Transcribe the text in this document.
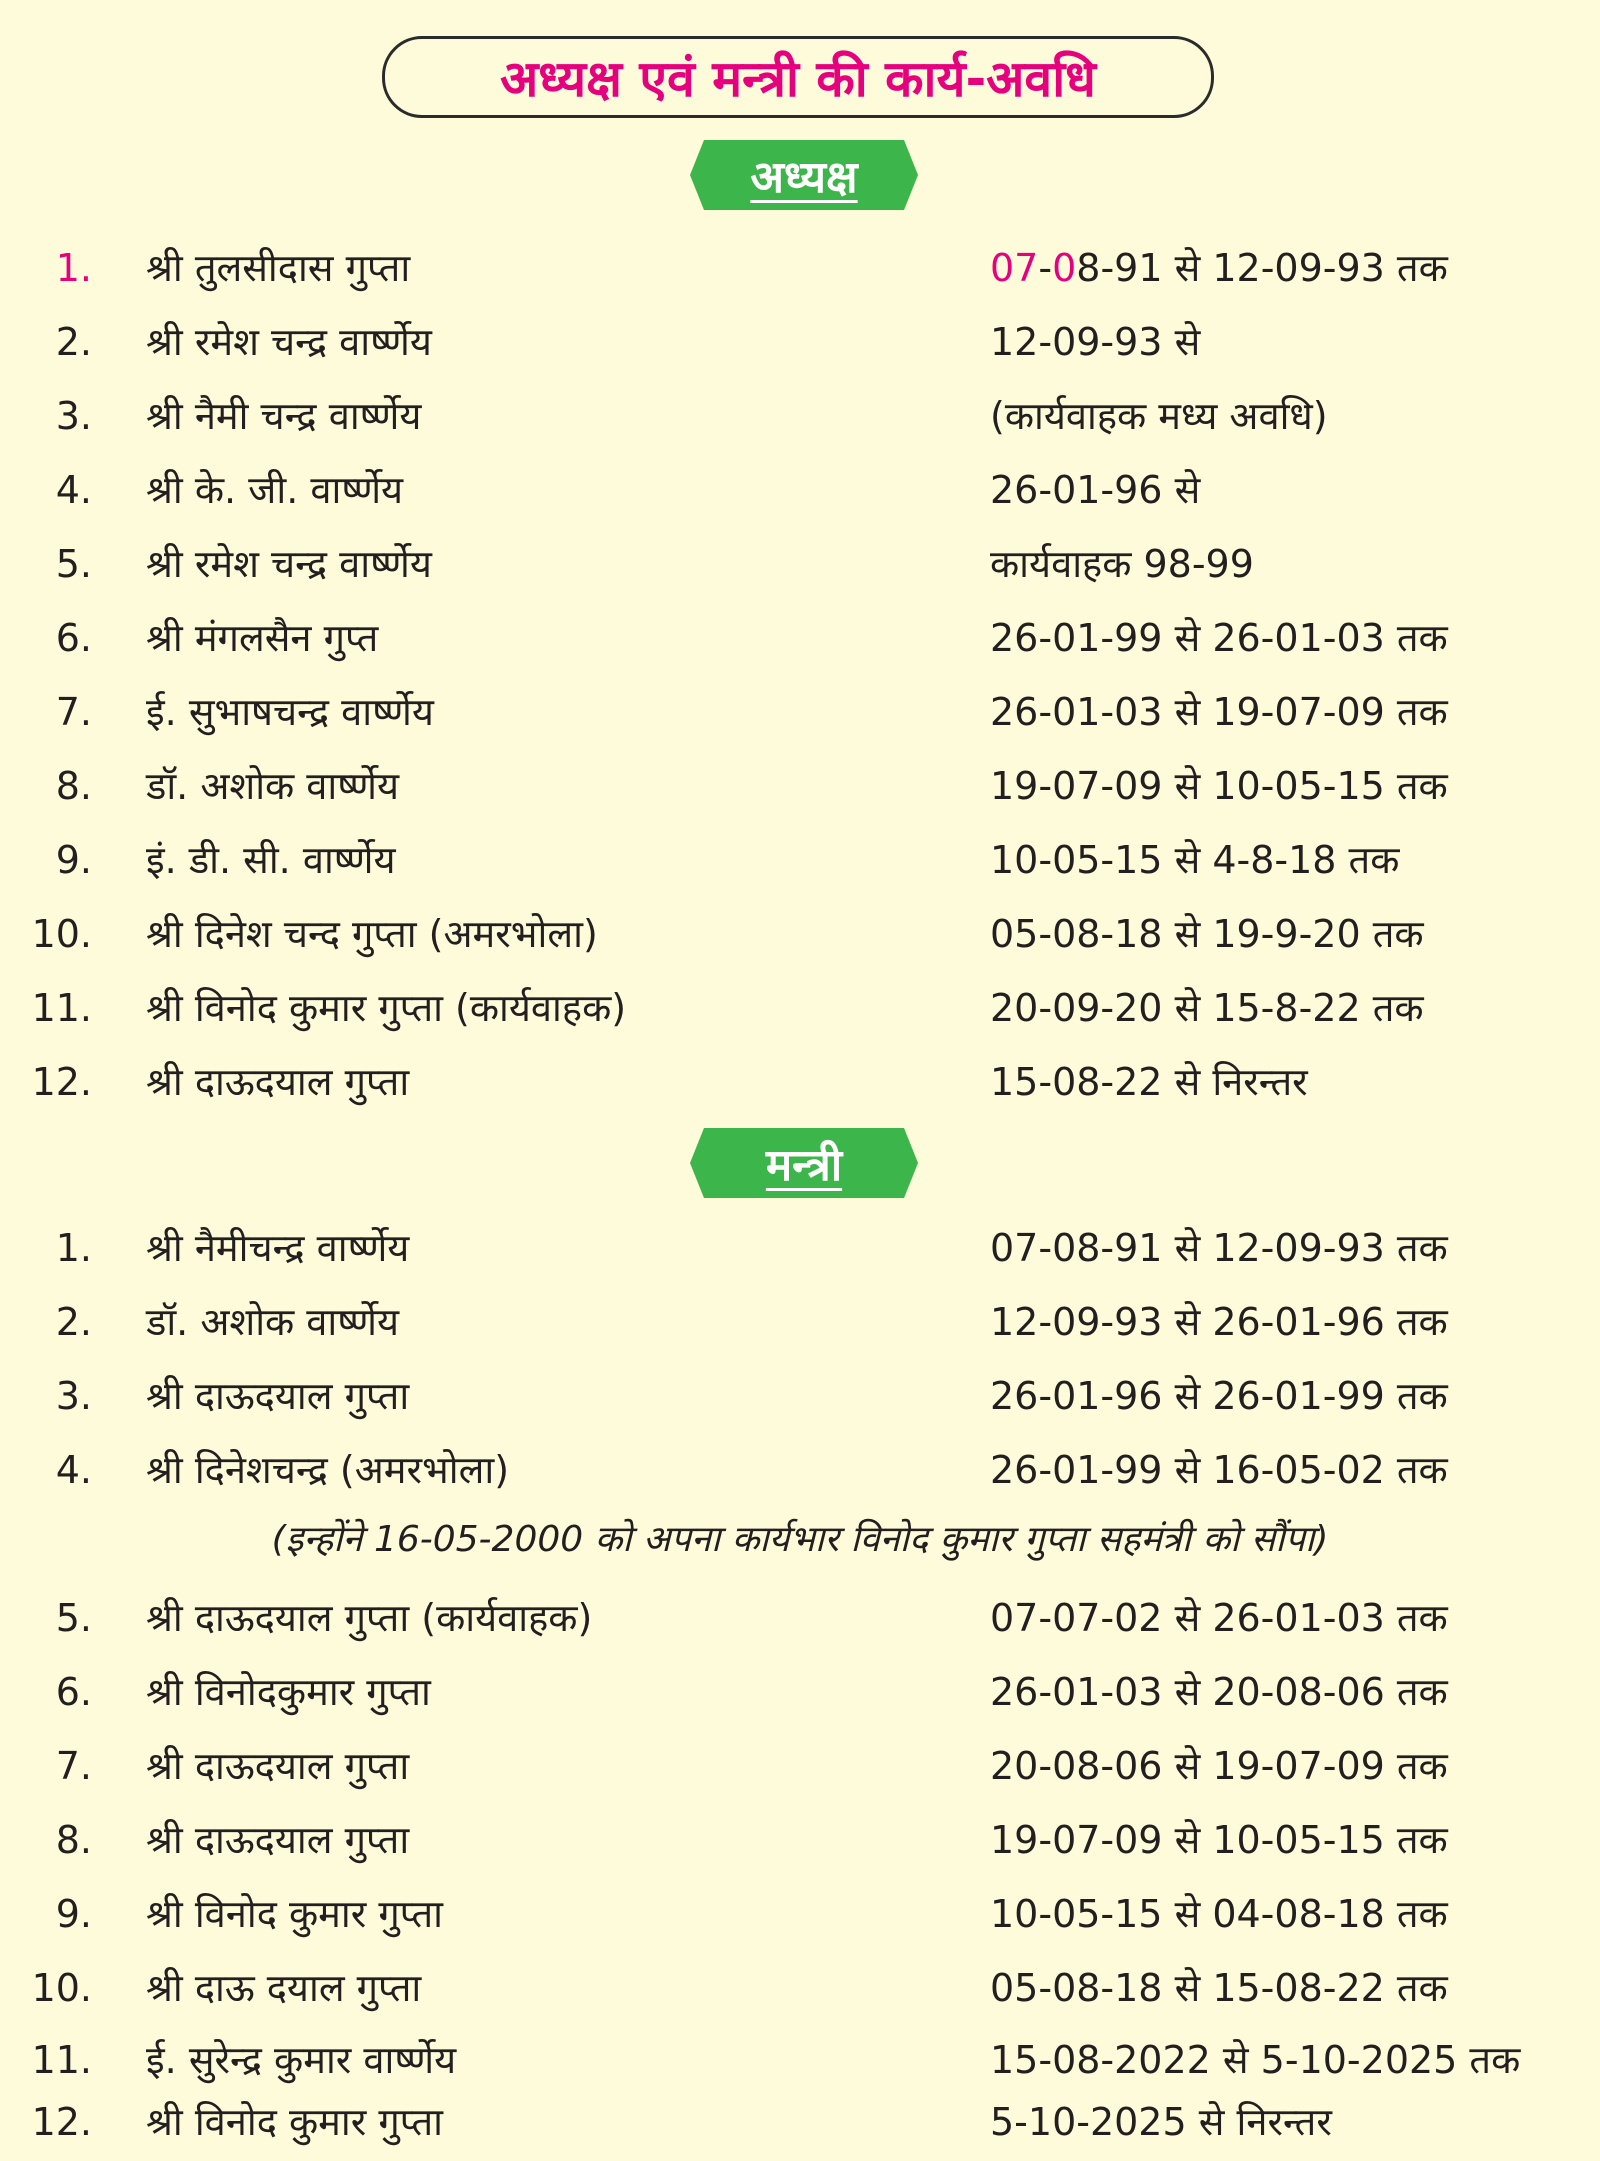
अध्यक्ष एवं मन्त्री की कार्य-अवधि
अध्यक्ष
1. श्री तुलसीदास गुप्ता	07-08-91 से 12-09-93 तक
2. श्री रमेश चन्द्र वार्ष्णेय	12-09-93 से
3. श्री नैमी चन्द्र वार्ष्णेय	(कार्यवाहक मध्य अवधि)
4. श्री के. जी. वार्ष्णेय	26-01-96 से
5. श्री रमेश चन्द्र वार्ष्णेय	कार्यवाहक 98-99
6. श्री मंगलसैन गुप्त	26-01-99 से 26-01-03 तक
7. ई. सुभाषचन्द्र वार्ष्णेय	26-01-03 से 19-07-09 तक
8. डॉ. अशोक वार्ष्णेय	19-07-09 से 10-05-15 तक
9. इं. डी. सी. वार्ष्णेय	10-05-15 से 4-8-18 तक
10. श्री दिनेश चन्द गुप्ता (अमरभोला)	05-08-18 से 19-9-20 तक
11. श्री विनोद कुमार गुप्ता (कार्यवाहक)	20-09-20 से 15-8-22 तक
12. श्री दाऊदयाल गुप्ता	15-08-22 से निरन्तर
मन्त्री
1. श्री नैमीचन्द्र वार्ष्णेय	07-08-91 से 12-09-93 तक
2. डॉ. अशोक वार्ष्णेय	12-09-93 से 26-01-96 तक
3. श्री दाऊदयाल गुप्ता	26-01-96 से 26-01-99 तक
4. श्री दिनेशचन्द्र (अमरभोला)	26-01-99 से 16-05-02 तक
(इन्होंने 16-05-2000 को अपना कार्यभार विनोद कुमार गुप्ता सहमंत्री को सौंपा)
5. श्री दाऊदयाल गुप्ता (कार्यवाहक)	07-07-02 से 26-01-03 तक
6. श्री विनोदकुमार गुप्ता	26-01-03 से 20-08-06 तक
7. श्री दाऊदयाल गुप्ता	20-08-06 से 19-07-09 तक
8. श्री दाऊदयाल गुप्ता	19-07-09 से 10-05-15 तक
9. श्री विनोद कुमार गुप्ता	10-05-15 से 04-08-18 तक
10. श्री दाऊ दयाल गुप्ता	05-08-18 से 15-08-22 तक
11. ई. सुरेन्द्र कुमार वार्ष्णेय	15-08-2022 से 5-10-2025 तक
12. श्री विनोद कुमार गुप्ता	5-10-2025 से निरन्तर
